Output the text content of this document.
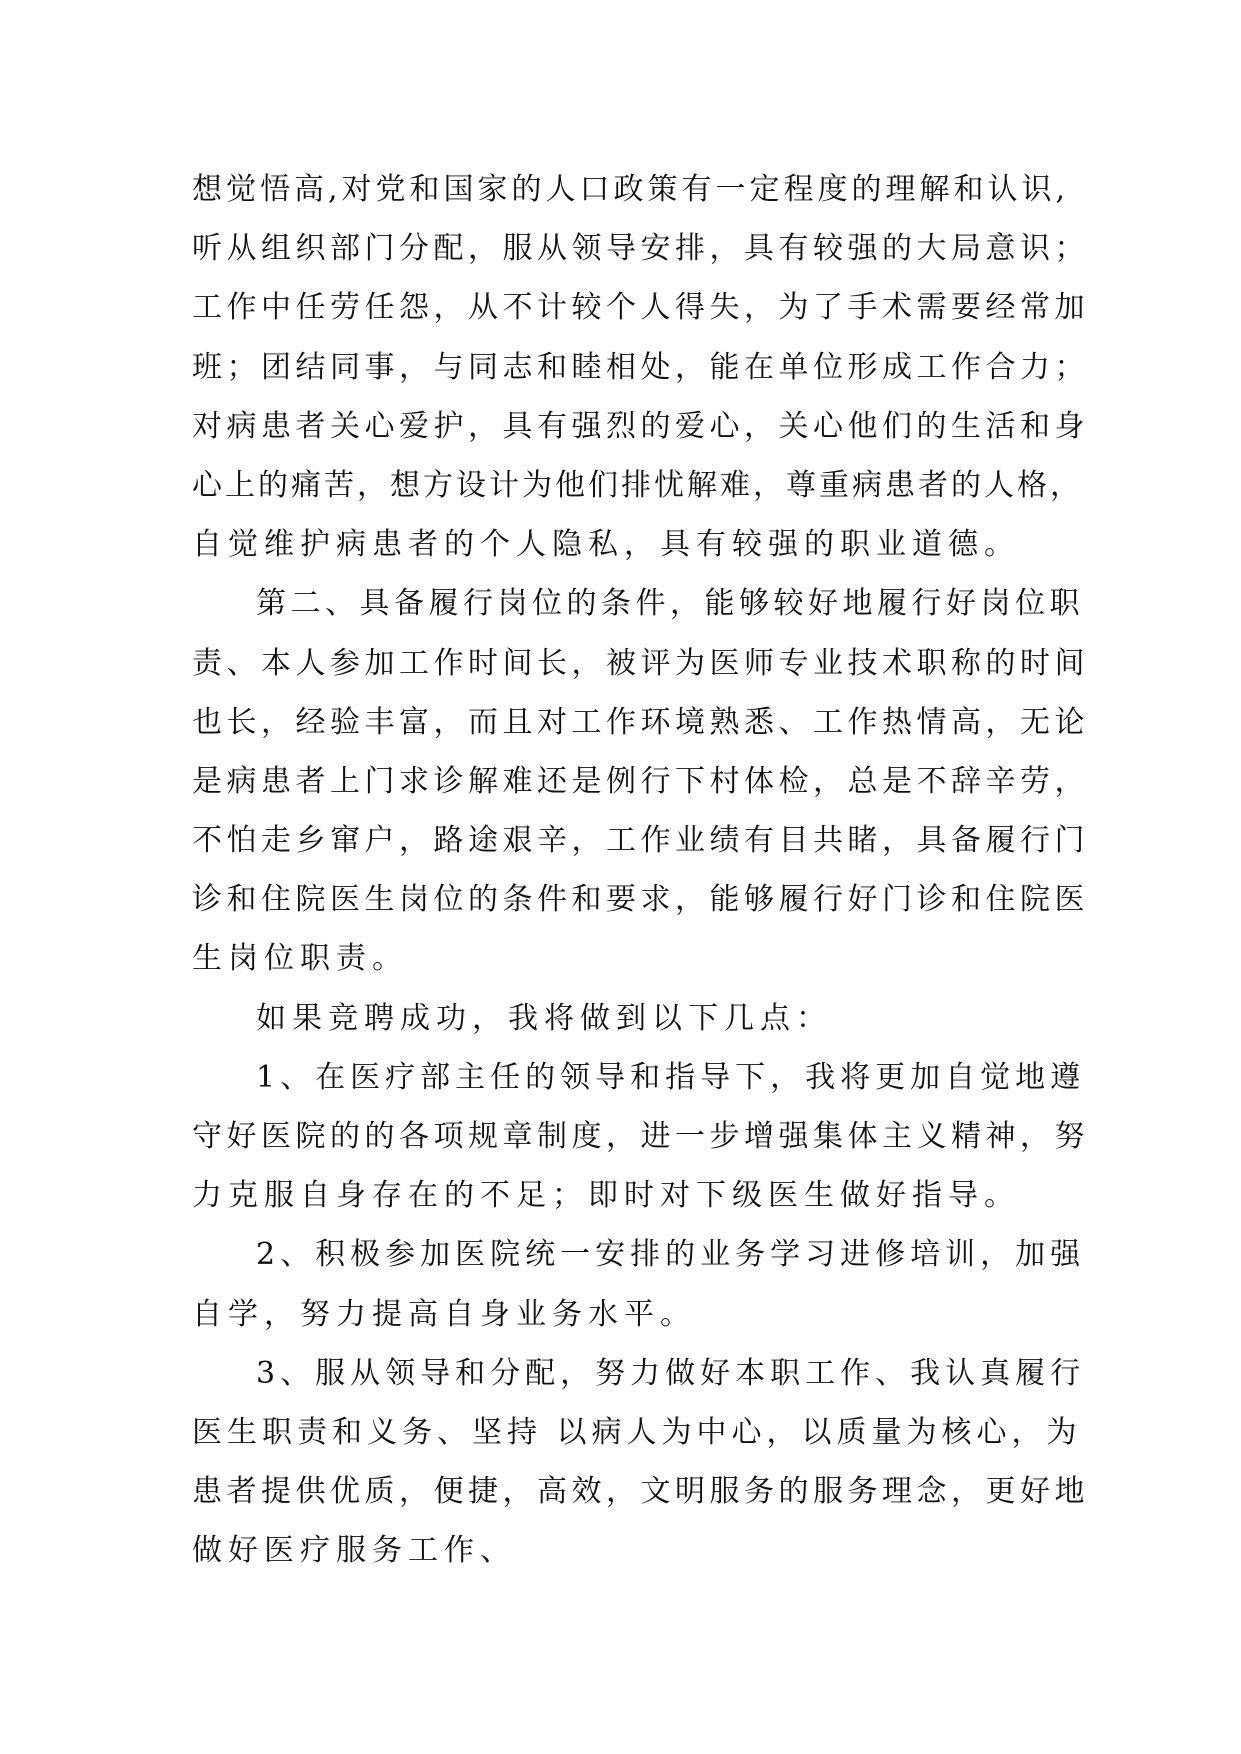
想觉悟高,对党和国家的人口政策有一定程度的理解和认识,
听从组织部门分配，服从领导安排，具有较强的大局意识；
工作中任劳任怨，从不计较个人得失，为了手术需要经常加
班；团结同事，与同志和睦相处，能在单位形成工作合力；
对病患者关心爱护，具有强烈的爱心，关心他们的生活和身
心上的痛苦，想方设计为他们排忧解难，尊重病患者的人格，
自觉维护病患者的个人隐私，具有较强的职业道德。
第二、具备履行岗位的条件，能够较好地履行好岗位职
责、本人参加工作时间长，被评为医师专业技术职称的时间
也长，经验丰富，而且对工作环境熟悉、工作热情高，无论
是病患者上门求诊解难还是例行下村体检，总是不辞辛劳，
不怕走乡窜户，路途艰辛，工作业绩有目共睹，具备履行门
诊和住院医生岗位的条件和要求，能够履行好门诊和住院医
生岗位职责。
如果竞聘成功，我将做到以下几点：
1、在医疗部主任的领导和指导下，我将更加自觉地遵
守好医院的的各项规章制度，进一步增强集体主义精神，努
力克服自身存在的不足；即时对下级医生做好指导。
2、积极参加医院统一安排的业务学习进修培训，加强
自学，努力提高自身业务水平。
3、服从领导和分配，努力做好本职工作、我认真履行
医生职责和义务、坚持 以病人为中心，以质量为核心，为
患者提供优质，便捷，高效，文明服务的服务理念，更好地
做好医疗服务工作、
